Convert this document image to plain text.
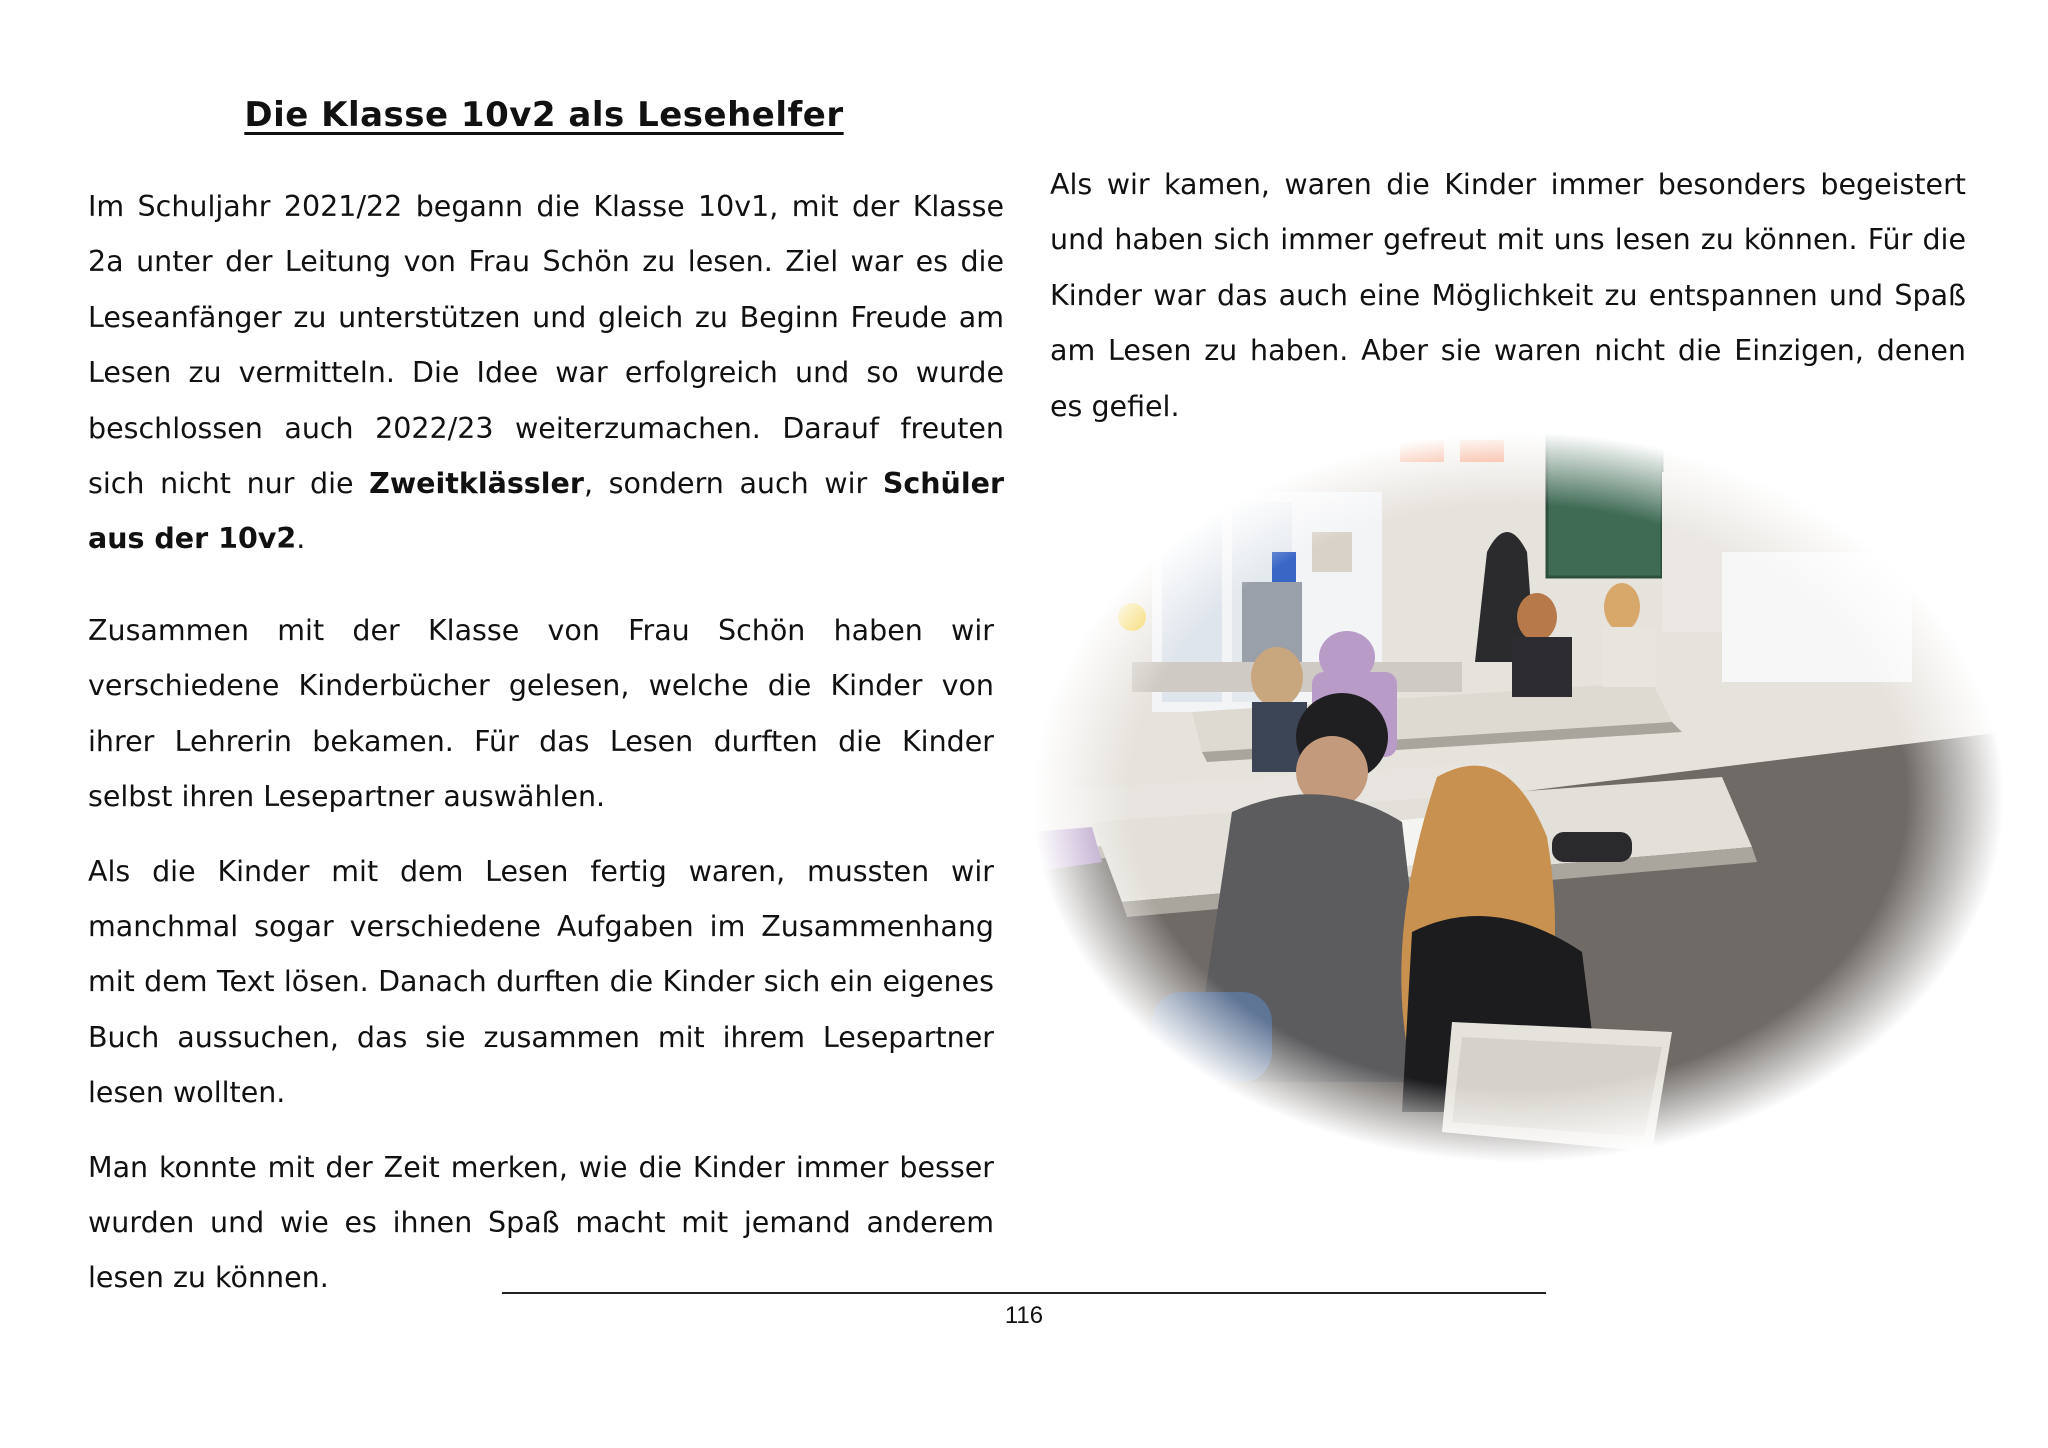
Die Klasse 10v2 als Lesehelfer

Im Schuljahr 2021/22 begann die Klasse 10v1, mit der Klasse 2a unter der Leitung von Frau Schön zu lesen. Ziel war es die Leseanfänger zu unterstützen und gleich zu Beginn Freude am Lesen zu vermitteln. Die Idee war erfolgreich und so wurde beschlossen auch 2022/23 weiterzumachen. Darauf freuten sich nicht nur die Zweitklässler, sondern auch wir Schüler aus der 10v2.

Zusammen mit der Klasse von Frau Schön haben wir verschiedene Kinderbücher gelesen, welche die Kinder von ihrer Lehrerin bekamen. Für das Lesen durften die Kinder selbst ihren Lesepartner auswählen.

Als die Kinder mit dem Lesen fertig waren, mussten wir manchmal sogar verschiedene Aufgaben im Zusammenhang mit dem Text lösen. Danach durften die Kinder sich ein eigenes Buch aussuchen, das sie zusammen mit ihrem Lesepartner lesen wollten.

Man konnte mit der Zeit merken, wie die Kinder immer besser wurden und wie es ihnen Spaß macht mit jemand anderem lesen zu können.

Als wir kamen, waren die Kinder immer besonders begeistert und haben sich immer gefreut mit uns lesen zu können. Für die Kinder war das auch eine Möglichkeit zu entspannen und Spaß am Lesen zu haben. Aber sie waren nicht die Einzigen, denen es gefiel.

116
